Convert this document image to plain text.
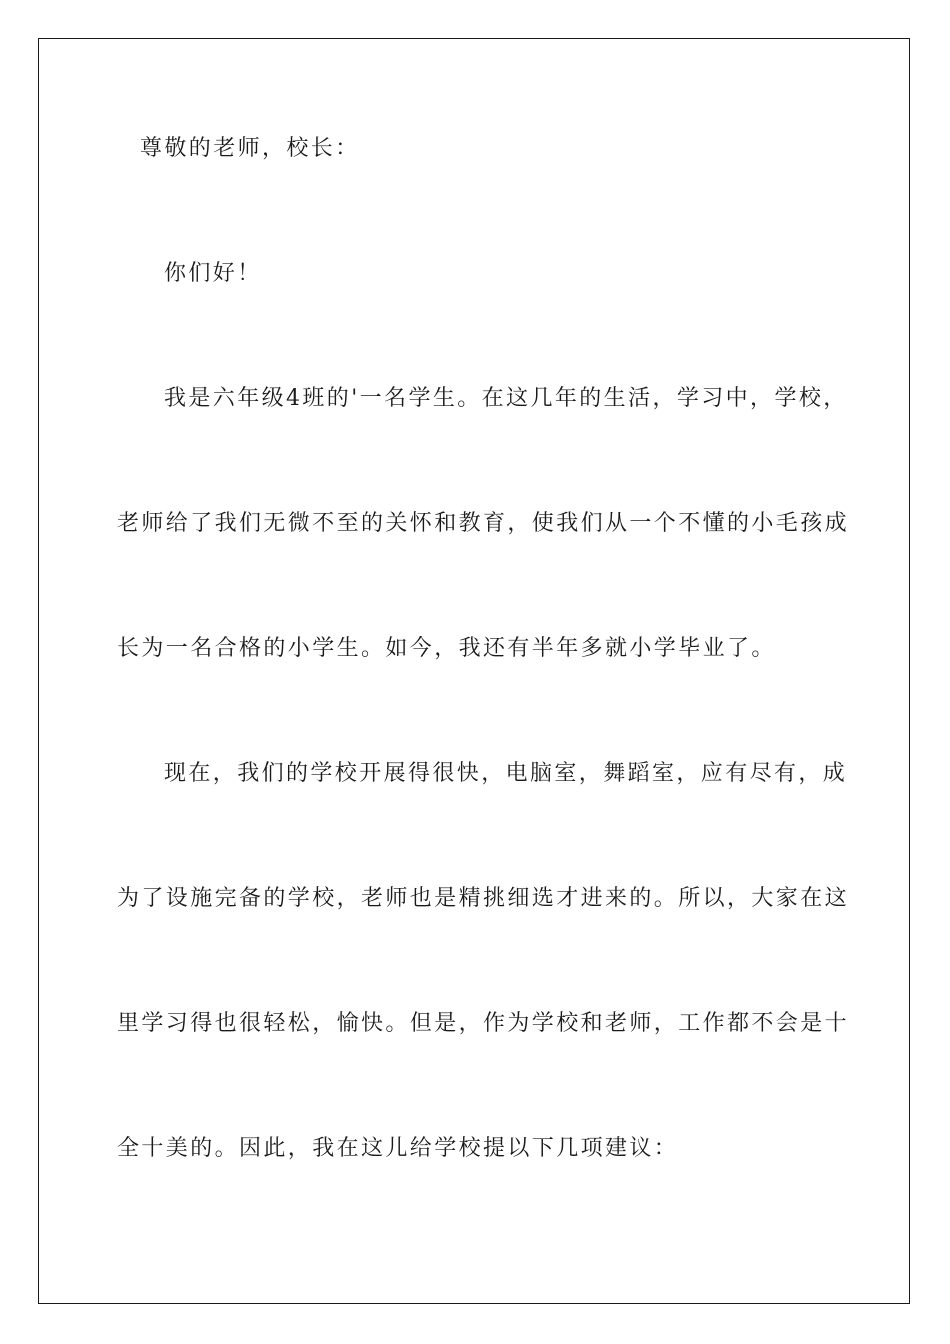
尊敬的老师，校长：
你们好！
我是六年级4班的'一名学生。在这几年的生活，学习中，学校，
老师给了我们无微不至的关怀和教育，使我们从一个不懂的小毛孩成
长为一名合格的小学生。如今，我还有半年多就小学毕业了。
现在，我们的学校开展得很快，电脑室，舞蹈室，应有尽有，成
为了设施完备的学校，老师也是精挑细选才进来的。所以，大家在这
里学习得也很轻松，愉快。但是，作为学校和老师，工作都不会是十
全十美的。因此，我在这儿给学校提以下几项建议：
